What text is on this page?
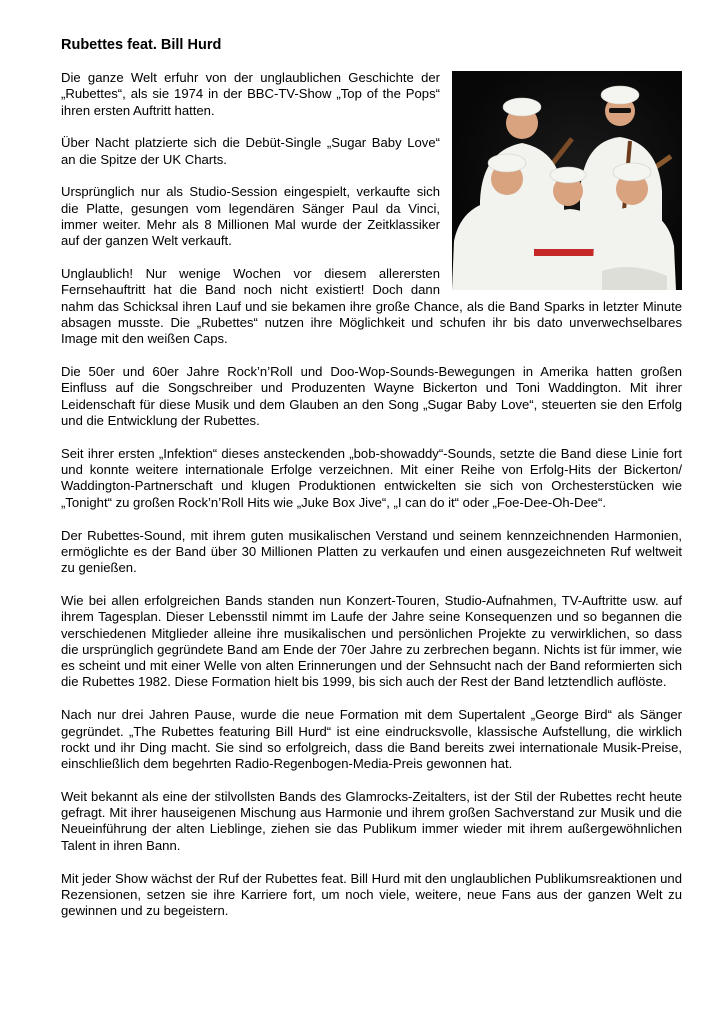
Rubettes feat. Bill Hurd

Die ganze Welt erfuhr von der unglaublichen Geschichte der „Rubettes“, als sie 1974 in der BBC-TV-Show „Top of the Pops“ ihren ersten Auftritt hatten.

Über Nacht platzierte sich die Debüt-Single „Sugar Baby Love“ an die Spitze der UK Charts.

Ursprünglich nur als Studio-Session eingespielt, verkaufte sich die Platte, gesungen vom legendären Sänger Paul da Vinci, immer weiter. Mehr als 8 Millionen Mal wurde der Zeitklassiker auf der ganzen Welt verkauft.

Unglaublich! Nur wenige Wochen vor diesem allerersten Fernsehauftritt hat die Band noch nicht existiert! Doch dann nahm das Schicksal ihren Lauf und sie bekamen ihre große Chance, als die Band Sparks in letzter Minute absagen musste. Die „Rubettes“ nutzen ihre Möglichkeit und schufen ihr bis dato unverwechselbares Image mit den weißen Caps.

Die 50er und 60er Jahre Rock’n’Roll und Doo-Wop-Sounds-Bewegungen in Amerika hatten großen Einfluss auf die Songschreiber und Produzenten Wayne Bickerton und Toni Waddington. Mit ihrer Leidenschaft für diese Musik und dem Glauben an den Song „Sugar Baby Love“, steuerten sie den Erfolg und die Entwicklung der Rubettes.

Seit ihrer ersten „Infektion“ dieses ansteckenden „bob-showaddy“-Sounds, setzte die Band diese Linie fort und konnte weitere internationale Erfolge verzeichnen. Mit einer Reihe von Erfolg-Hits der Bickerton/ Waddington-Partnerschaft und klugen Produktionen entwickelten sie sich von Orchesterstücken wie „Tonight“ zu großen Rock’n’Roll Hits wie „Juke Box Jive“, „I can do it“ oder „Foe-Dee-Oh-Dee“.

Der Rubettes-Sound, mit ihrem guten musikalischen Verstand und seinem kennzeichnenden Harmonien, ermöglichte es der Band über 30 Millionen Platten zu verkaufen und einen ausgezeichneten Ruf weltweit zu genießen.

Wie bei allen erfolgreichen Bands standen nun Konzert-Touren, Studio-Aufnahmen, TV-Auftritte usw. auf ihrem Tagesplan. Dieser Lebensstil nimmt im Laufe der Jahre seine Konsequenzen und so begannen die verschiedenen Mitglieder alleine ihre musikalischen und persönlichen Projekte zu verwirklichen, so dass die ursprünglich gegründete Band am Ende der 70er Jahre zu zerbrechen begann. Nichts ist für immer, wie es scheint und mit einer Welle von alten Erinnerungen und der Sehnsucht nach der Band reformierten sich die Rubettes 1982. Diese Formation hielt bis 1999, bis sich auch der Rest der Band letztendlich auflöste.

Nach nur drei Jahren Pause, wurde die neue Formation mit dem Supertalent „George Bird“ als Sänger gegründet. „The Rubettes featuring Bill Hurd“ ist eine eindrucksvolle, klassische Aufstellung, die wirklich rockt und ihr Ding macht. Sie sind so erfolgreich, dass die Band bereits zwei internationale Musik-Preise, einschließlich dem begehrten Radio-Regenbogen-Media-Preis gewonnen hat.

Weit bekannt als eine der stilvollsten Bands des Glamrocks-Zeitalters, ist der Stil der Rubettes recht heute gefragt. Mit ihrer hauseigenen Mischung aus Harmonie und ihrem großen Sachverstand zur Musik und die Neueinführung der alten Lieblinge, ziehen sie das Publikum immer wieder mit ihrem außergewöhnlichen Talent in ihren Bann.

Mit jeder Show wächst der Ruf der Rubettes feat. Bill Hurd mit den unglaublichen Publikumsreaktionen und Rezensionen, setzen sie ihre Karriere fort, um noch viele, weitere, neue Fans aus der ganzen Welt zu gewinnen und zu begeistern.
